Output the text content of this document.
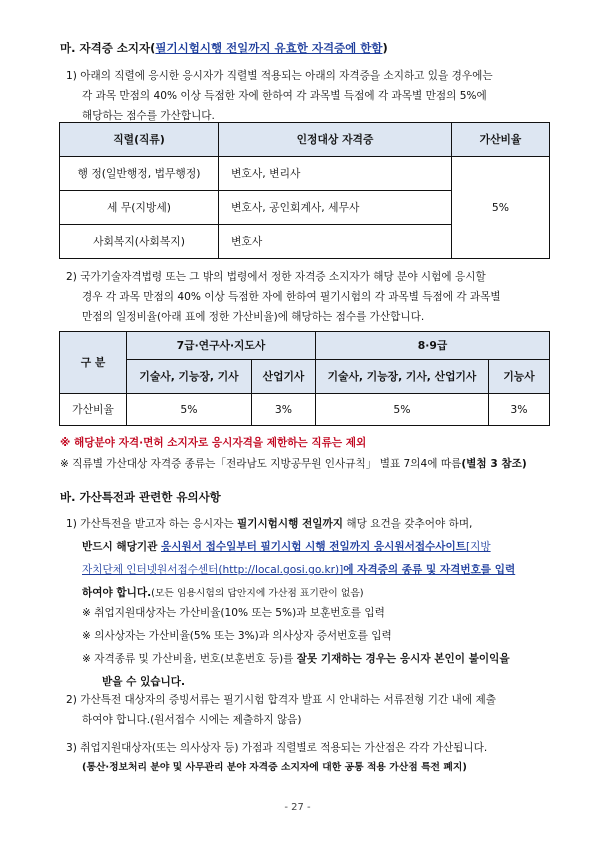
마. 자격증 소지자(필기시험시행 전일까지 유효한 자격증에 한함)
1) 아래의 직렬에 응시한 응시자가 직렬별 적용되는 아래의 자격증을 소지하고 있을 경우에는
각 과목 만점의 40% 이상 득점한 자에 한하여 각 과목별 득점에 각 과목별 만점의 5%에
해당하는 점수를 가산합니다.
직렬(직류)	인정대상 자격증	가산비율
행 정(일반행정, 법무행정)	변호사, 변리사	5%
세 무(지방세)	변호사, 공인회계사, 세무사	
사회복지(사회복지)	변호사	
2) 국가기술자격법령 또는 그 밖의 법령에서 정한 자격증 소지자가 해당 분야 시험에 응시할
경우 각 과목 만점의 40% 이상 득점한 자에 한하여 필기시험의 각 과목별 득점에 각 과목별
만점의 일정비율(아래 표에 정한 가산비율)에 해당하는 점수를 가산합니다.
구 분	7급·연구사·지도사		8·9급	
	기술사, 기능장, 기사	산업기사	기술사, 기능장, 기사, 산업기사	기능사
가산비율	5%	3%	5%	3%
※ 해당분야 자격·면허 소지자로 응시자격을 제한하는 직류는 제외
※ 직류별 가산대상 자격증 종류는「전라남도 지방공무원 인사규칙」 별표 7의4에 따름(별첨 3 참조)
바. 가산특전과 관련한 유의사항
1) 가산특전을 받고자 하는 응시자는 필기시험시행 전일까지 해당 요건을 갖추어야 하며,
반드시 해당기관 응시원서 접수일부터 필기시험 시행 전일까지 응시원서접수사이트[지방
자치단체 인터넷원서접수센터(http://local.gosi.go.kr)]에 자격증의 종류 및 자격번호를 입력
하여야 합니다.(모든 임용시험의 답안지에 가산점 표기란이 없음)
※ 취업지원대상자는 가산비율(10% 또는 5%)과 보훈번호를 입력
※ 의사상자는 가산비율(5% 또는 3%)과 의사상자 증서번호를 입력
※ 자격종류 및 가산비율, 번호(보훈번호 등)를 잘못 기재하는 경우는 응시자 본인이 불이익을
받을 수 있습니다.
2) 가산특전 대상자의 증빙서류는 필기시험 합격자 발표 시 안내하는 서류전형 기간 내에 제출
하여야 합니다.(원서접수 시에는 제출하지 않음)
3) 취업지원대상자(또는 의사상자 등) 가점과 직렬별로 적용되는 가산점은 각각 가산됩니다.
(통산·정보처리 분야 및 사무관리 분야 자격증 소지자에 대한 공통 적용 가산점 특전 폐지)
- 27 -
